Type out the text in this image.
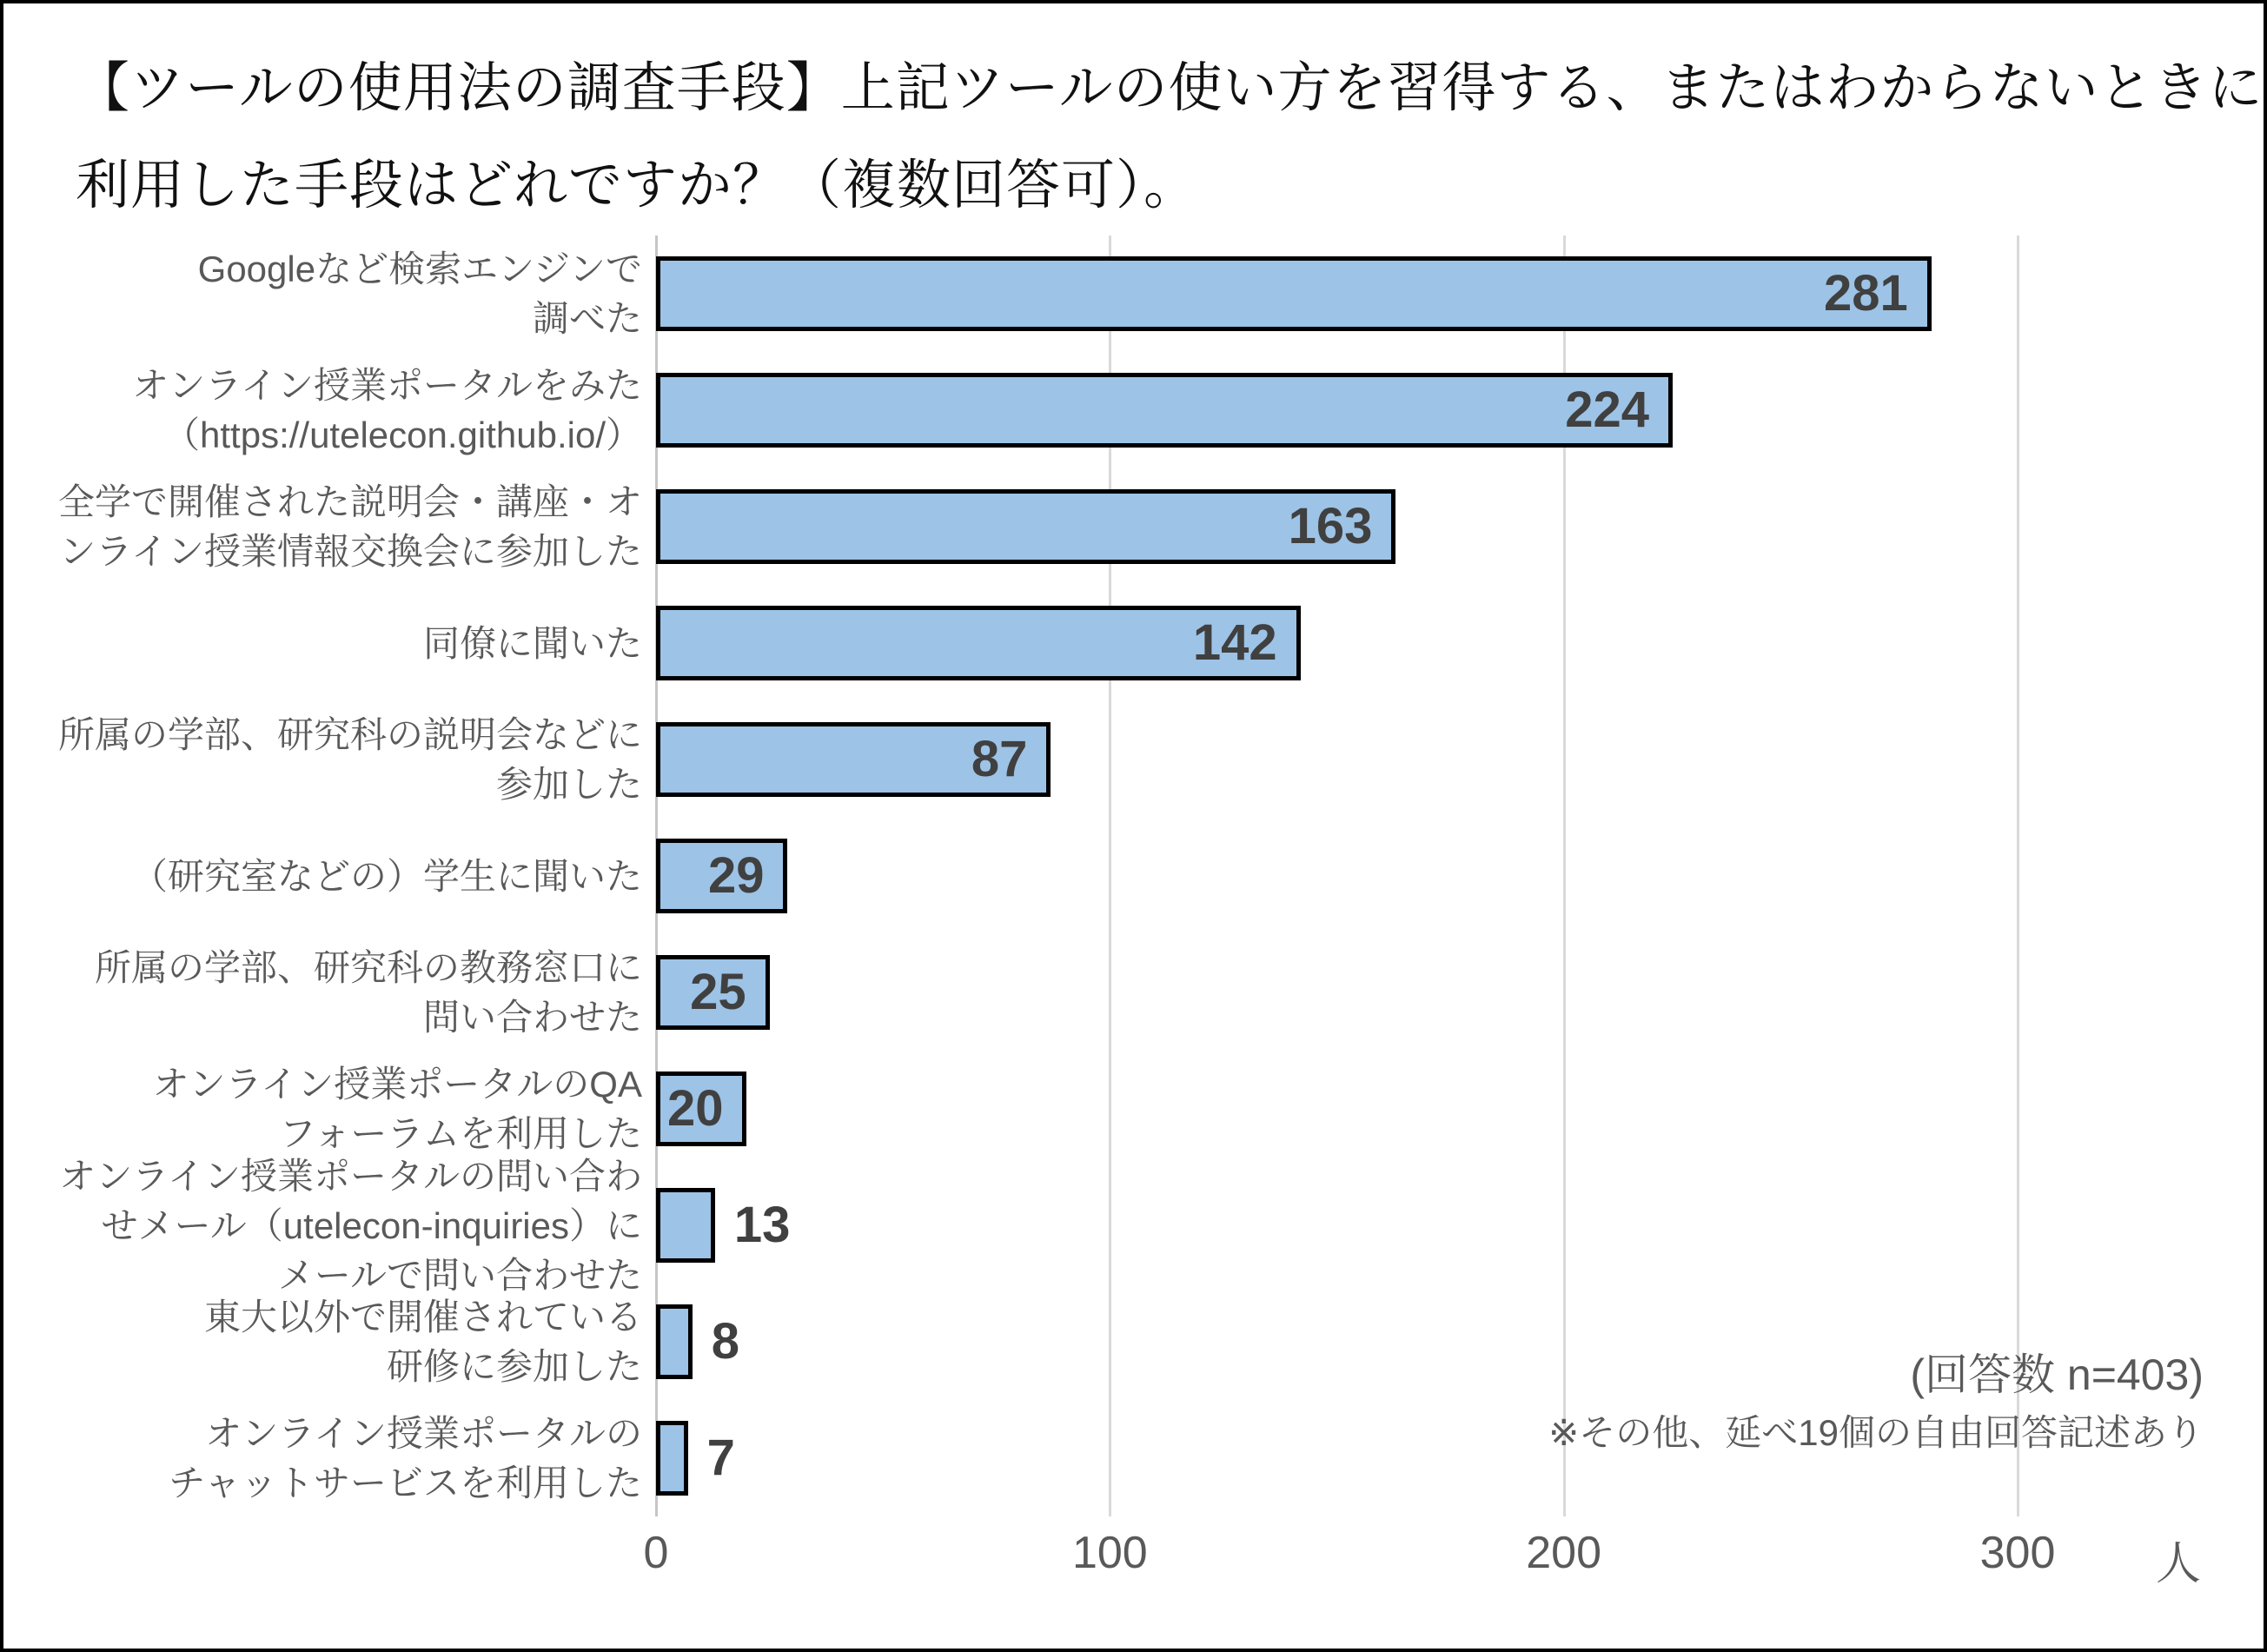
【ツールの使用法の調査手段】上記ツールの使い方を習得する、またはわからないときに
利用した手段はどれですか？（複数回答可）。
0	100	200	300
Googleなど検索エンジンで
調べた	281
オンライン授業ポータルをみた
（https://utelecon.github.io/）	224
全学で開催された説明会・講座・オ
ンライン授業情報交換会に参加した	163
同僚に聞いた	142
所属の学部、研究科の説明会などに
参加した	87
（研究室などの）学生に聞いた 29
所属の学部、研究科の教務窓口に
問い合わせた 25
オンライン授業ポータルのQA
フォーラムを利用した 20
オンライン授業ポータルの問い合わ
せメール（utelecon-inquiries）に
メールで問い合わせた
13
東大以外で開催されている
研修に参加した 8
オンライン授業ポータルの
チャットサービスを利用した 7
人
(回答数 n=403)
※その他、延べ19個の自由回答記述あり
